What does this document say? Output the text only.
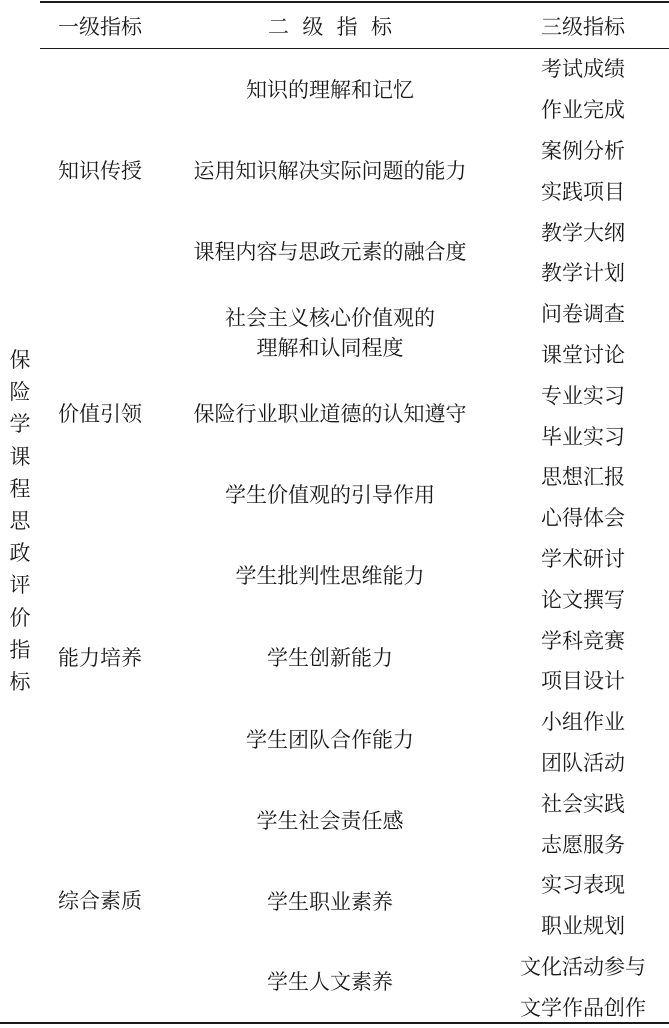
一级指标	二  级  指  标	三级指标
保
险
学
课
程
思
政
评
价
指
标
知识传授
价值引领
能力培养
综合素质
知识的理解和记忆
运用知识解决实际问题的能力
课程内容与思政元素的融合度
社会主义核心价值观的
理解和认同程度
保险行业职业道德的认知遵守
学生价值观的引导作用
学生批判性思维能力
学生创新能力
学生团队合作能力
学生社会责任感
学生职业素养
学生人文素养
考试成绩
作业完成
案例分析
实践项目
教学大纲
教学计划
问卷调查
课堂讨论
专业实习
毕业实习
思想汇报
心得体会
学术研讨
论文撰写
学科竞赛
项目设计
小组作业
团队活动
社会实践
志愿服务
实习表现
职业规划
文化活动参与
文学作品创作
